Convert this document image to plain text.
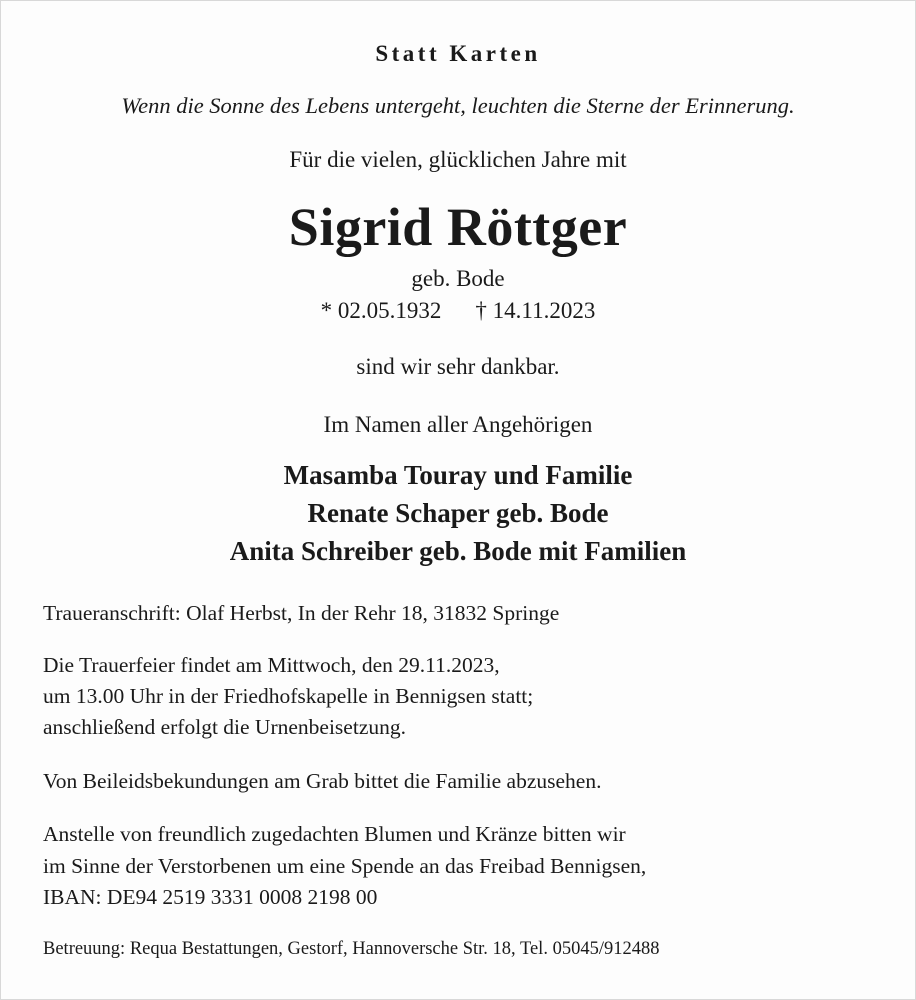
Statt Karten
Wenn die Sonne des Lebens untergeht, leuchten die Sterne der Erinnerung.
Für die vielen, glücklichen Jahre mit
Sigrid Röttger
geb. Bode
* 02.05.1932 † 14.11.2023
sind wir sehr dankbar.
Im Namen aller Angehörigen
Masamba Touray und Familie
Renate Schaper geb. Bode
Anita Schreiber geb. Bode mit Familien
Traueranschrift: Olaf Herbst, In der Rehr 18, 31832 Springe
Die Trauerfeier findet am Mittwoch, den 29.11.2023,
um 13.00 Uhr in der Friedhofskapelle in Bennigsen statt;
anschließend erfolgt die Urnenbeisetzung.
Von Beileidsbekundungen am Grab bittet die Familie abzusehen.
Anstelle von freundlich zugedachten Blumen und Kränze bitten wir
im Sinne der Verstorbenen um eine Spende an das Freibad Bennigsen,
IBAN: DE94 2519 3331 0008 2198 00
Betreuung: Requa Bestattungen, Gestorf, Hannoversche Str. 18, Tel. 05045/912488
